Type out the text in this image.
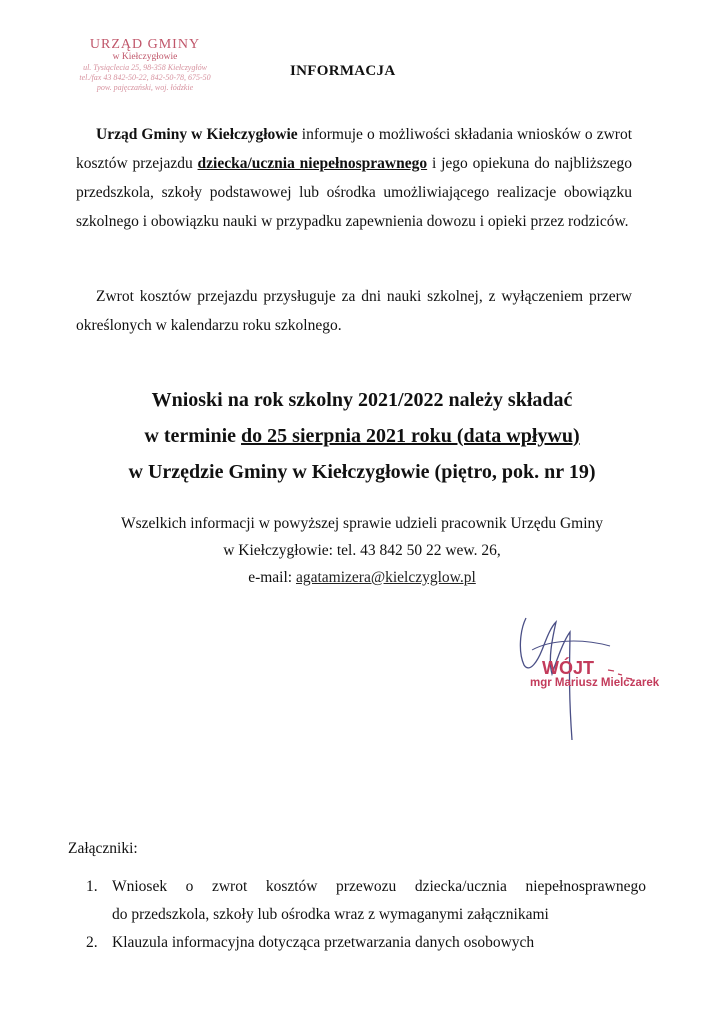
URZĄD GMINY
w Kiełczygłowie
ul. Tysiąclecia 25, 98-358 Kiełczygłów
tel./fax 43 842-50-22, 842-50-78, 675-50
pow. pajęczański, woj. łódzkie
INFORMACJA
Urząd Gminy w Kiełczygłowie informuje o możliwości składania wniosków o zwrot kosztów przejazdu dziecka/ucznia niepełnosprawnego i jego opiekuna do najbliższego przedszkola, szkoły podstawowej lub ośrodka umożliwiającego realizacje obowiązku szkolnego i obowiązku nauki w przypadku zapewnienia dowozu i opieki przez rodziców.
Zwrot kosztów przejazdu przysługuje za dni nauki szkolnej, z wyłączeniem przerw określonych w kalendarzu roku szkolnego.
Wnioski na rok szkolny 2021/2022 należy składać
w terminie do 25 sierpnia 2021 roku (data wpływu)
w Urzędzie Gminy w Kiełczygłowie (piętro, pok. nr 19)
Wszelkich informacji w powyższej sprawie udzieli pracownik Urzędu Gminy
w Kiełczygłowie: tel. 43 842 50 22 wew. 26,
e-mail: agatamizera@kielczyglow.pl
WÓJT
mgr Mariusz Mielczarek
Załączniki:
1. Wniosek o zwrot kosztów przewozu dziecka/ucznia niepełnosprawnego
do przedszkola, szkoły lub ośrodka wraz z wymaganymi załącznikami
2. Klauzula informacyjna dotycząca przetwarzania danych osobowych
